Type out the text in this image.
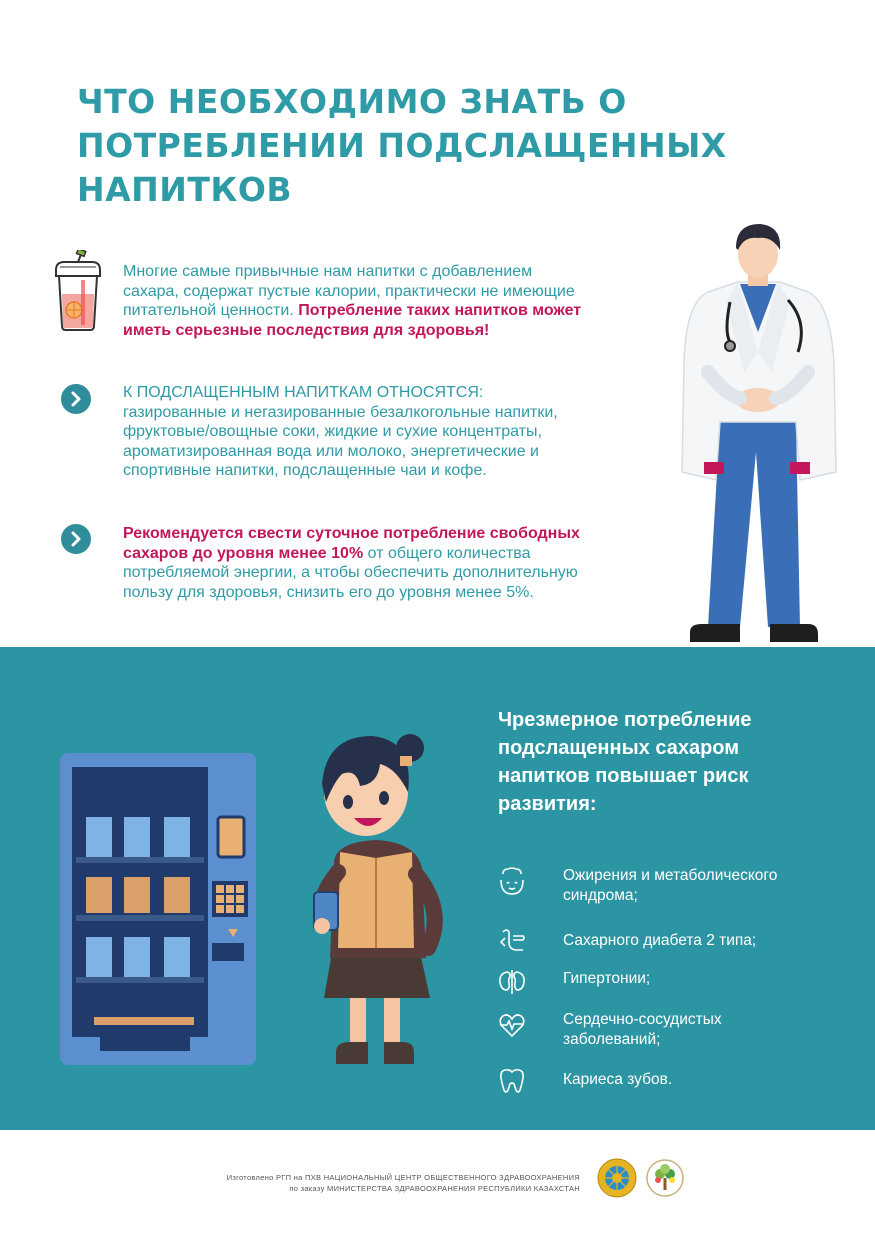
ЧТО НЕОБХОДИМО ЗНАТЬ О
ПОТРЕБЛЕНИИ ПОДСЛАЩЕННЫХ
НАПИТКОВ

Многие самые привычные нам напитки с добавлением
сахара, содержат пустые калории, практически не имеющие
питательной ценности. Потребление таких напитков может
иметь серьезные последствия для здоровья!

К ПОДСЛАЩЕННЫМ НАПИТКАМ ОТНОСЯТСЯ:
газированные и негазированные безалкогольные напитки,
фруктовые/овощные соки, жидкие и сухие концентраты,
ароматизированная вода или молоко, энергетические и
спортивные напитки, подслащенные чаи и кофе.

Рекомендуется свести суточное потребление свободных
сахаров до уровня менее 10% от общего количества
потребляемой энергии, а чтобы обеспечить дополнительную
пользу для здоровья, снизить его до уровня менее 5%.

Чрезмерное потребление
подслащенных сахаром
напитков повышает риск
развития:
Ожирения и метаболического
синдрома;
Сахарного диабета 2 типа;
Гипертонии;
Сердечно-сосудистых
заболеваний;
Кариеса зубов.
Изготовлено РГП на ПХВ НАЦИОНАЛЬНЫЙ ЦЕНТР ОБЩЕСТВЕННОГО ЗДРАВООХРАНЕНИЯ
по заказу МИНИСТЕРСТВА ЗДРАВООХРАНЕНИЯ РЕСПУБЛИКИ КАЗАХСТАН
